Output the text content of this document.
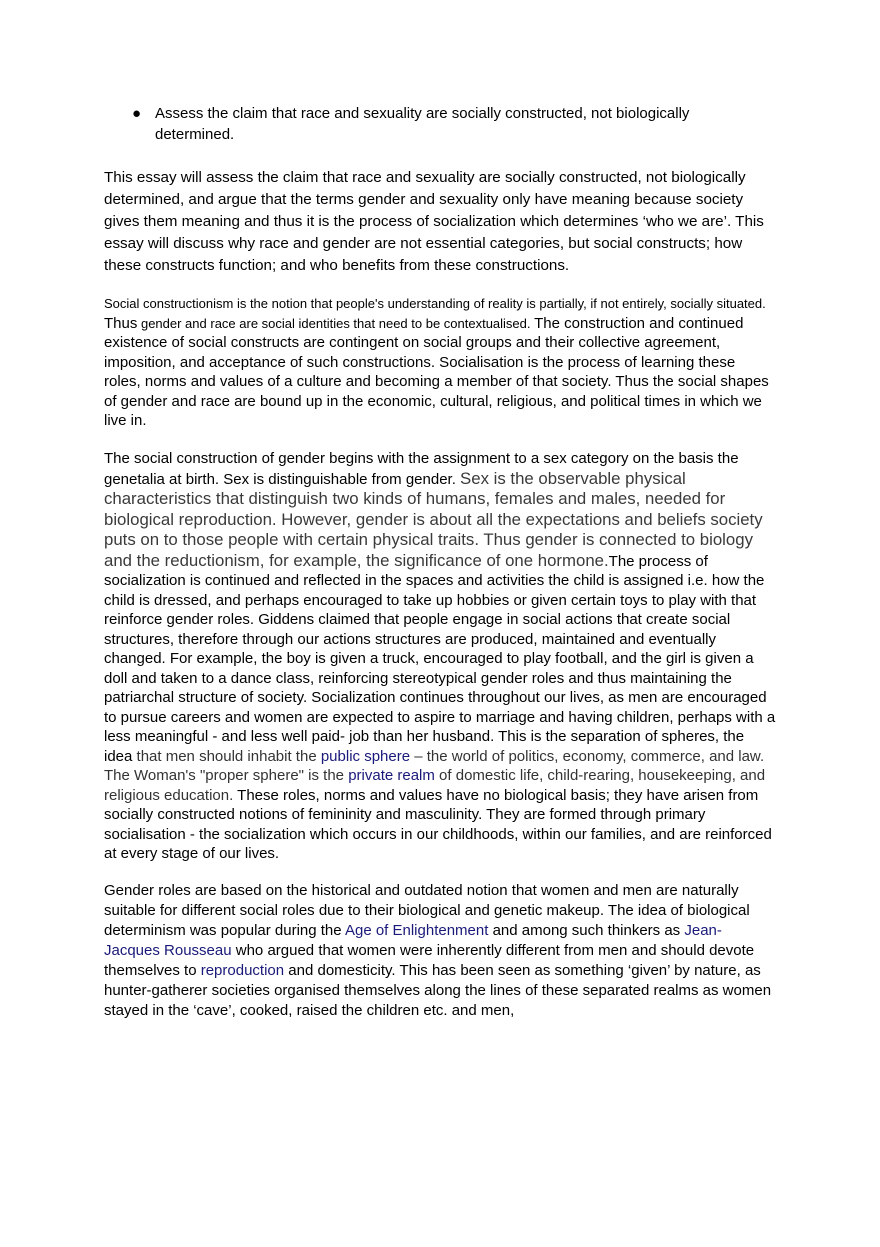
● Assess the claim that race and sexuality are socially constructed, not biologically determined.

This essay will assess the claim that race and sexuality are socially constructed, not biologically determined, and argue that the terms gender and sexuality only have meaning because society gives them meaning and thus it is the process of socialization which determines ‘who we are’. This essay will discuss why race and gender are not essential categories, but social constructs; how these constructs function; and who benefits from these constructions.

Social constructionism is the notion that people's understanding of reality is partially, if not entirely, socially situated. Thus gender and race are social identities that need to be contextualised. The construction and continued existence of social constructs are contingent on social groups and their collective agreement, imposition, and acceptance of such constructions. Socialisation is the process of learning these roles, norms and values of a culture and becoming a member of that society. Thus the social shapes of gender and race are bound up in the economic, cultural, religious, and political times in which we live in.

The social construction of gender begins with the assignment to a sex category on the basis the genetalia at birth. Sex is distinguishable from gender. Sex is the observable physical characteristics that distinguish two kinds of humans, females and males, needed for biological reproduction. However, gender is about all the expectations and beliefs society puts on to those people with certain physical traits. Thus gender is connected to biology and the reductionism, for example, the significance of one hormone.The process of socialization is continued and reflected in the spaces and activities the child is assigned i.e. how the child is dressed, and perhaps encouraged to take up hobbies or given certain toys to play with that reinforce gender roles. Giddens claimed that people engage in social actions that create social structures, therefore through our actions structures are produced, maintained and eventually changed. For example, the boy is given a truck, encouraged to play football, and the girl is given a doll and taken to a dance class, reinforcing stereotypical gender roles and thus maintaining the patriarchal structure of society. Socialization continues throughout our lives, as men are encouraged to pursue careers and women are expected to aspire to marriage and having children, perhaps with a less meaningful - and less well paid- job than her husband. This is the separation of spheres, the idea that men should inhabit the public sphere – the world of politics, economy, commerce, and law. The Woman's "proper sphere" is the private realm of domestic life, child-rearing, housekeeping, and religious education. These roles, norms and values have no biological basis; they have arisen from socially constructed notions of femininity and masculinity. They are formed through primary socialisation - the socialization which occurs in our childhoods, within our families, and are reinforced at every stage of our lives.

Gender roles are based on the historical and outdated notion that women and men are naturally suitable for different social roles due to their biological and genetic makeup. The idea of biological determinism was popular during the Age of Enlightenment and among such thinkers as Jean-Jacques Rousseau who argued that women were inherently different from men and should devote themselves to reproduction and domesticity. This has been seen as something ‘given’ by nature, as hunter-gatherer societies organised themselves along the lines of these separated realms as women stayed in the ‘cave’, cooked, raised the children etc. and men,
